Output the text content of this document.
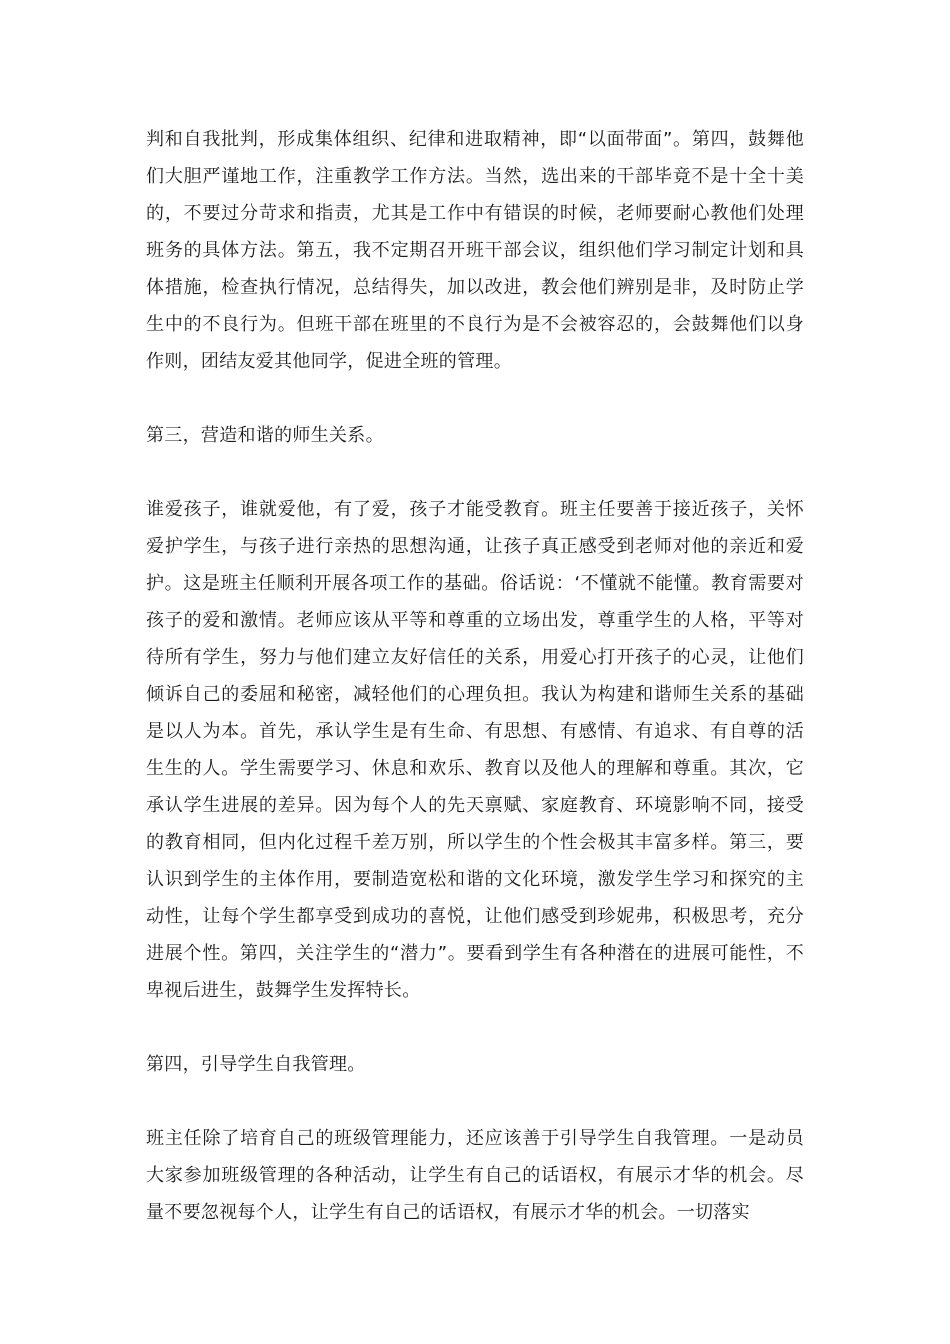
判和自我批判，形成集体组织、纪律和进取精神，即“以面带面”。第四，鼓舞他们大胆严谨地工作，注重教学工作方法。当然，选出来的干部毕竟不是十全十美的，不要过分苛求和指责，尤其是工作中有错误的时候，老师要耐心教他们处理班务的具体方法。第五，我不定期召开班干部会议，组织他们学习制定计划和具体措施，检查执行情况，总结得失，加以改进，教会他们辨别是非，及时防止学生中的不良行为。但班干部在班里的不良行为是不会被容忍的，会鼓舞他们以身作则，团结友爱其他同学，促进全班的管理。

第三，营造和谐的师生关系。

谁爱孩子，谁就爱他，有了爱，孩子才能受教育。班主任要善于接近孩子，关怀爱护学生，与孩子进行亲热的思想沟通，让孩子真正感受到老师对他的亲近和爱护。这是班主任顺利开展各项工作的基础。俗话说：‘不懂就不能懂。教育需要对孩子的爱和激情。老师应该从平等和尊重的立场出发，尊重学生的人格，平等对待所有学生，努力与他们建立友好信任的关系，用爱心打开孩子的心灵，让他们倾诉自己的委屈和秘密，减轻他们的心理负担。我认为构建和谐师生关系的基础是以人为本。首先，承认学生是有生命、有思想、有感情、有追求、有自尊的活生生的人。学生需要学习、休息和欢乐、教育以及他人的理解和尊重。其次，它承认学生进展的差异。因为每个人的先天禀赋、家庭教育、环境影响不同，接受的教育相同，但内化过程千差万别，所以学生的个性会极其丰富多样。第三，要认识到学生的主体作用，要制造宽松和谐的文化环境，激发学生学习和探究的主动性，让每个学生都享受到成功的喜悦，让他们感受到珍妮弗，积极思考，充分进展个性。第四，关注学生的“潜力”。要看到学生有各种潜在的进展可能性，不卑视后进生，鼓舞学生发挥特长。

第四，引导学生自我管理。

班主任除了培育自己的班级管理能力，还应该善于引导学生自我管理。一是动员大家参加班级管理的各种活动，让学生有自己的话语权，有展示才华的机会。尽量不要忽视每个人，让学生有自己的话语权，有展示才华的机会。一切落实
